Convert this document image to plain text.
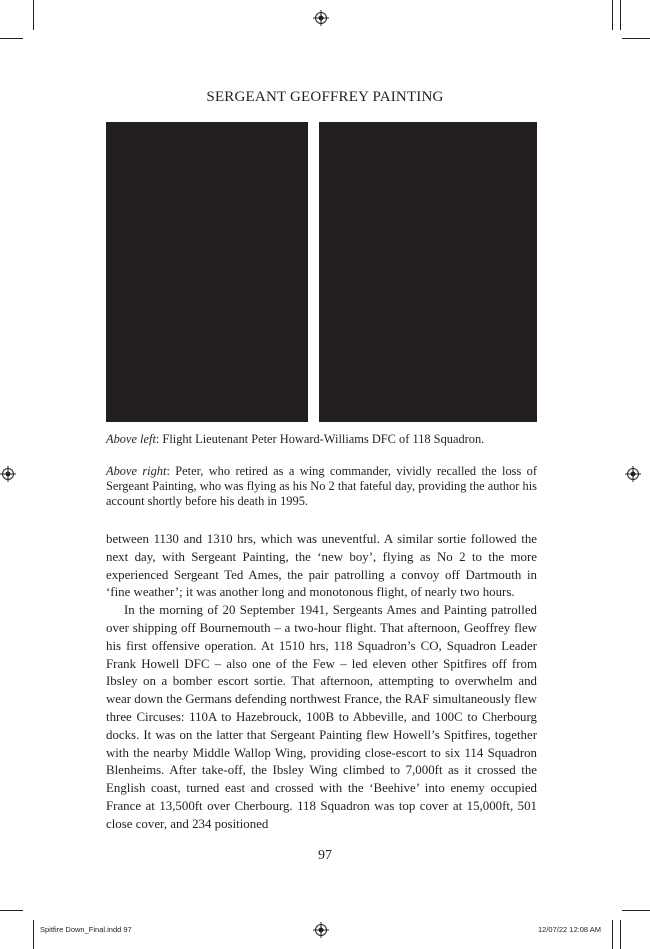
SERGEANT GEOFFREY PAINTING
Above left: Flight Lieutenant Peter Howard-Williams DFC of 118 Squadron.
Above right: Peter, who retired as a wing commander, vividly recalled the loss of Sergeant Painting, who was flying as his No 2 that fateful day, providing the author his account shortly before his death in 1995.

between 1130 and 1310 hrs, which was uneventful. A similar sortie followed the next day, with Sergeant Painting, the ‘new boy’, flying as No 2 to the more experienced Sergeant Ted Ames, the pair patrolling a convoy off Dartmouth in ‘fine weather’; it was another long and monotonous flight, of nearly two hours.

In the morning of 20 September 1941, Sergeants Ames and Painting patrolled over shipping off Bournemouth – a two-hour flight. That afternoon, Geoffrey flew his first offensive operation. At 1510 hrs, 118 Squadron’s CO, Squadron Leader Frank Howell DFC – also one of the Few – led eleven other Spitfires off from Ibsley on a bomber escort sortie. That afternoon, attempting to overwhelm and wear down the Germans defending northwest France, the RAF simultaneously flew three Circuses: 110A to Hazebrouck, 100B to Abbeville, and 100C to Cherbourg docks. It was on the latter that Sergeant Painting flew Howell’s Spitfires, together with the nearby Middle Wallop Wing, providing close-escort to six 114 Squadron Blenheims. After take-off, the Ibsley Wing climbed to 7,000ft as it crossed the English coast, turned east and crossed with the ‘Beehive’ into enemy occupied France at 13,500ft over Cherbourg. 118 Squadron was top cover at 15,000ft, 501 close cover, and 234 positioned

97
Spitfire Down_Final.indd 97	12/07/22 12:08 AM
